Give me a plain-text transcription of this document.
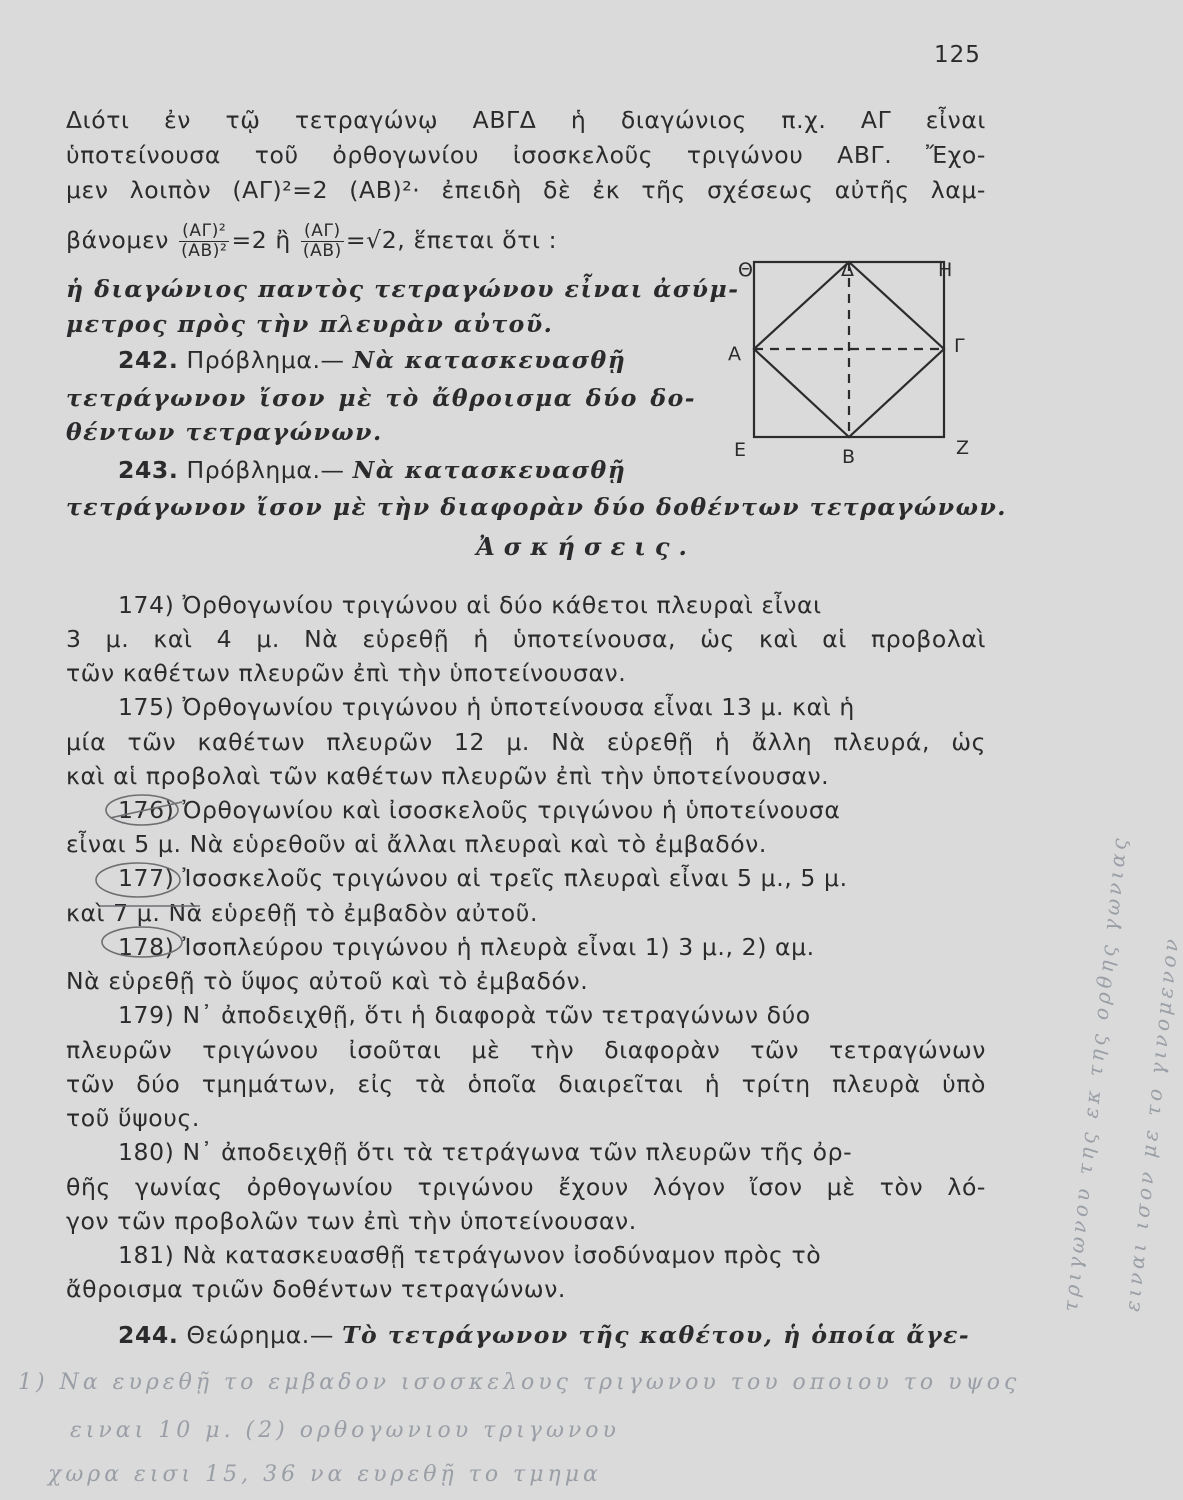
125
Διότι ἐν τῷ τετραγώνῳ ΑΒΓΔ ἡ διαγώνιος π.χ. ΑΓ εἶναι
ὑποτείνουσα τοῦ ὀρθογωνίου ἰσοσκελοῦς τριγώνου ΑΒΓ. Ἔχο-
μεν λοιπὸν (ΑΓ)²=2 (ΑΒ)²· ἐπειδὴ δὲ ἐκ τῆς σχέσεως αὐτῆς λαμ-
βάνομεν $\frac{\text{(ΑΓ)²}}{\text{(ΑΒ)²}} =2$ ἢ $\frac{(A\Gamma)}{(AB)} =√2$, ἕπεται ὅτι :
ἡ διαγώνιος παντὸς τετραγώνου εἶναι ἀσύμ-
μετρος πρὸς τὴν πλευρὰν αὐτοῦ.
242. Πρόβλημα.— Νὰ κατασκευασθῇ
τετράγωνον ἴσον μὲ τὸ ἄθροισμα δύο δο-
θέντων τετραγώνων.
243. Πρόβλημα.— Νὰ κατασκευασθῇ
τετράγωνον ἴσον μὲ τὴν διαφορὰν δύο δοθέντων τετραγώνων.
Ἀσκήσεις.
174) Ὀρθογωνίου τριγώνου αἱ δύο κάθετοι πλευραὶ εἶναι
3 μ. καὶ 4 μ. Νὰ εὑρεθῇ ἡ ὑποτείνουσα, ὡς καὶ αἱ προβολαὶ
τῶν καθέτων πλευρῶν ἐπὶ τὴν ὑποτείνουσαν.
175) Ὀρθογωνίου τριγώνου ἡ ὑποτείνουσα εἶναι 13 μ. καὶ ἡ
μία τῶν καθέτων πλευρῶν 12 μ. Νὰ εὑρεθῇ ἡ ἄλλη πλευρά, ὡς
καὶ αἱ προβολαὶ τῶν καθέτων πλευρῶν ἐπὶ τὴν ὑποτείνουσαν.
176) Ὀρθογωνίου καὶ ἰσοσκελοῦς τριγώνου ἡ ὑποτείνουσα
εἶναι 5 μ. Νὰ εὑρεθοῦν αἱ ἄλλαι πλευραὶ καὶ τὸ ἐμβαδόν.
177) Ἰσοσκελοῦς τριγώνου αἱ τρεῖς πλευραὶ εἶναι 5 μ., 5 μ.
καὶ 7 μ. Νὰ εὑρεθῇ τὸ ἐμβαδὸν αὐτοῦ.
178) Ἰσοπλεύρου τριγώνου ἡ πλευρὰ εἶναι 1) 3 μ., 2) αμ.
Νὰ εὑρεθῇ τὸ ὕψος αὐτοῦ καὶ τὸ ἐμβαδόν.
179) Ν᾽ ἀποδειχθῇ, ὅτι ἡ διαφορὰ τῶν τετραγώνων δύο
πλευρῶν τριγώνου ἰσοῦται μὲ τὴν διαφορὰν τῶν τετραγώνων
τῶν δύο τμημάτων, εἰς τὰ ὁποῖα διαιρεῖται ἡ τρίτη πλευρὰ ὑπὸ
τοῦ ὕψους.
180) Ν᾽ ἀποδειχθῇ ὅτι τὰ τετράγωνα τῶν πλευρῶν τῆς ὀρ-
θῆς γωνίας ὀρθογωνίου τριγώνου ἔχουν λόγον ἴσον μὲ τὸν λό-
γον τῶν προβολῶν των ἐπὶ τὴν ὑποτείνουσαν.
181) Νὰ κατασκευασθῇ τετράγωνον ἰσοδύναμον πρὸς τὸ
ἄθροισμα τριῶν δοθέντων τετραγώνων.
244. Θεώρημα.— Τὸ τετράγωνον τῆς καθέτου, ἡ ὁποία ἄγε-
Θ	Δ	Η
Α	Γ
Ε	Β	Ζ
1) Να ευρεθῇ το εμβαδον ισοσκελους τριγωνου του οποιου το υψος
ειναι 10 μ. (2) ορθογωνιου τριγωνου
χωρα εισι 15, 36 να ευρεθῇ το τμημα
τριγωνου της εκ της ορθης γωνιας
ειναι ισον με το γινομενον
